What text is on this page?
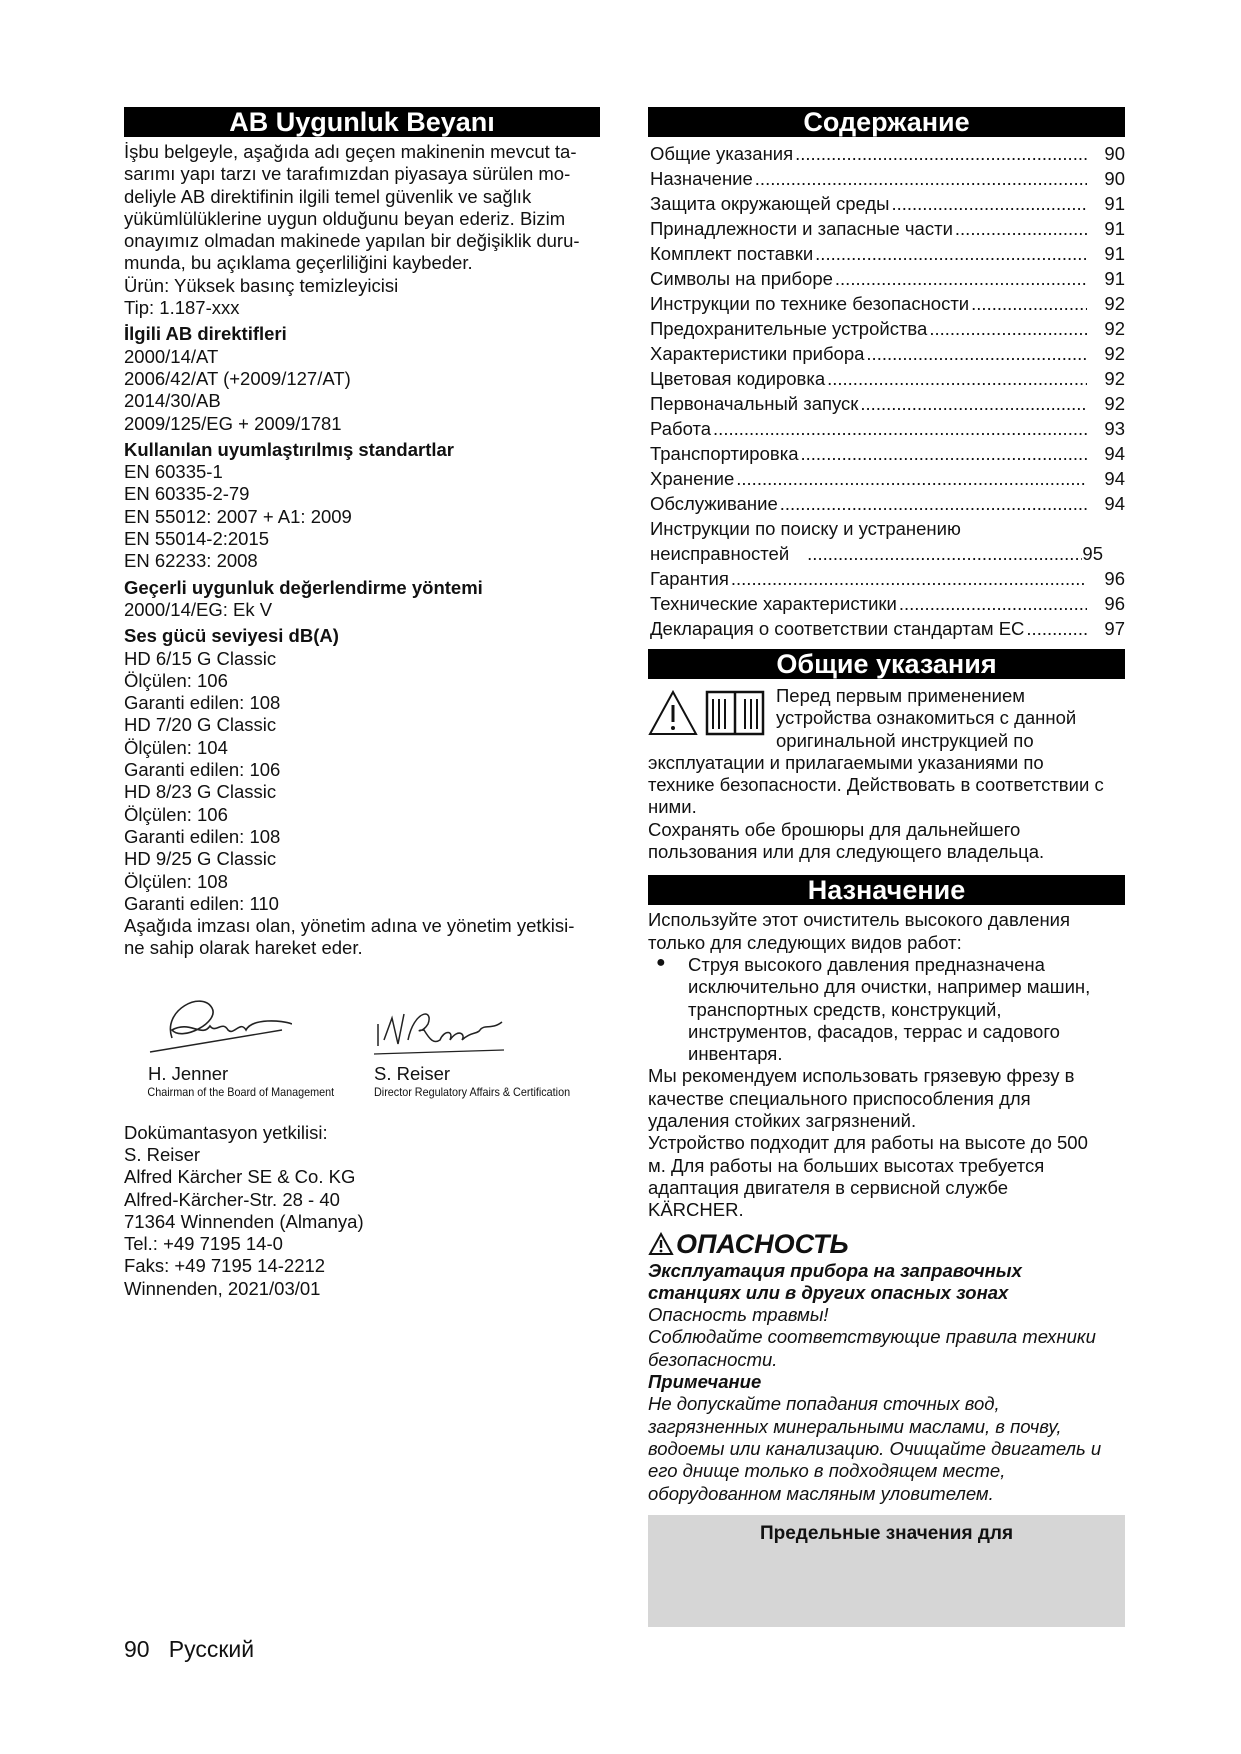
AB Uygunluk Beyanı

İşbu belgeyle, aşağıda adı geçen makinenin mevcut ta-

sarımı yapı tarzı ve tarafımızdan piyasaya sürülen mo-

deliyle AB direktifinin ilgili temel güvenlik ve sağlık

yükümlülüklerine uygun olduğunu beyan ederiz. Bizim

onayımız olmadan makinede yapılan bir değişiklik duru-

munda, bu açıklama geçerliliğini kaybeder.

Ürün: Yüksek basınç temizleyicisi

Tip: 1.187-xxx

İlgili AB direktifleri

2000/14/AT

2006/42/AT (+2009/127/AT)

2014/30/AB

2009/125/EG + 2009/1781

Kullanılan uyumlaştırılmış standartlar

EN 60335-1

EN 60335-2-79

EN 55012: 2007 + A1: 2009

EN 55014-2:2015

EN 62233: 2008

Geçerli uygunluk değerlendirme yöntemi

2000/14/EG: Ek V

Ses gücü seviyesi dB(A)

HD 6/15 G Classic

Ölçülen: 106

Garanti edilen: 108

HD 7/20 G Classic

Ölçülen: 104

Garanti edilen: 106

HD 8/23 G Classic

Ölçülen: 106

Garanti edilen: 108

HD 9/25 G Classic

Ölçülen: 108

Garanti edilen: 110

Aşağıda imzası olan, yönetim adına ve yönetim yetkisi-

ne sahip olarak hareket eder.

H. Jenner
Chairman of the Board of Management
S. Reiser
Director Regulatory Affairs & Certification

Dokümantasyon yetkilisi:

S. Reiser

Alfred Kärcher SE & Co. KG

Alfred-Kärcher-Str. 28 - 40

71364 Winnenden (Almanya)

Tel.: +49 7195 14-0

Faks: +49 7195 14-2212

Winnenden, 2021/03/01

Содержание
Общие указания .....	90
Назначение .....	90
Защита окружающей среды .....	91
Принадлежности и запасные части .....	91
Комплект поставки .....	91
Символы на приборе .....	91
Инструкции по технике безопасности .....	92
Предохранительные устройства .....	92
Характеристики прибора .....	92
Цветовая кодировка .....	92
Первоначальный запуск .....	92
Работа .....	93
Транспортировка .....	94
Хранение .....	94
Обслуживание .....	94
Инструкции по поиску и устранению
неисправностей .....	95
Гарантия .....	96
Технические характеристики .....	96
Декларация о соответствии стандартам ЕС .....	97
Общие указания

Перед первым применением

устройства ознакомиться с данной

оригинальной инструкцией по

эксплуатации и прилагаемыми указаниями по

технике безопасности. Действовать в соответствии с

ними.

Сохранять обе брошюры для дальнейшего

пользования или для следующего владельца.

Назначение

Используйте этот очиститель высокого давления

только для следующих видов работ:

●	Струя высокого давления предназначена

исключительно для очистки, например машин,

транспортных средств, конструкций,

инструментов, фасадов, террас и садового

инвентаря.

Мы рекомендуем использовать грязевую фрезу в

качестве специального приспособления для

удаления стойких загрязнений.

Устройство подходит для работы на высоте до 500

м. Для работы на больших высотах требуется

адаптация двигателя в сервисной службе

KÄRCHER.

ОПАСНОСТЬ

Эксплуатация прибора на заправочных

станциях или в других опасных зонах

Опасность травмы!

Соблюдайте соответствующие правила техники

безопасности.

Примечание

Не допускайте попадания сточных вод,

загрязненных минеральными маслами, в почву,

водоемы или канализацию. Очищайте двигатель и

его днище только в подходящем месте,

оборудованном масляным уловителем.

Предельные значения для
90 Русский
